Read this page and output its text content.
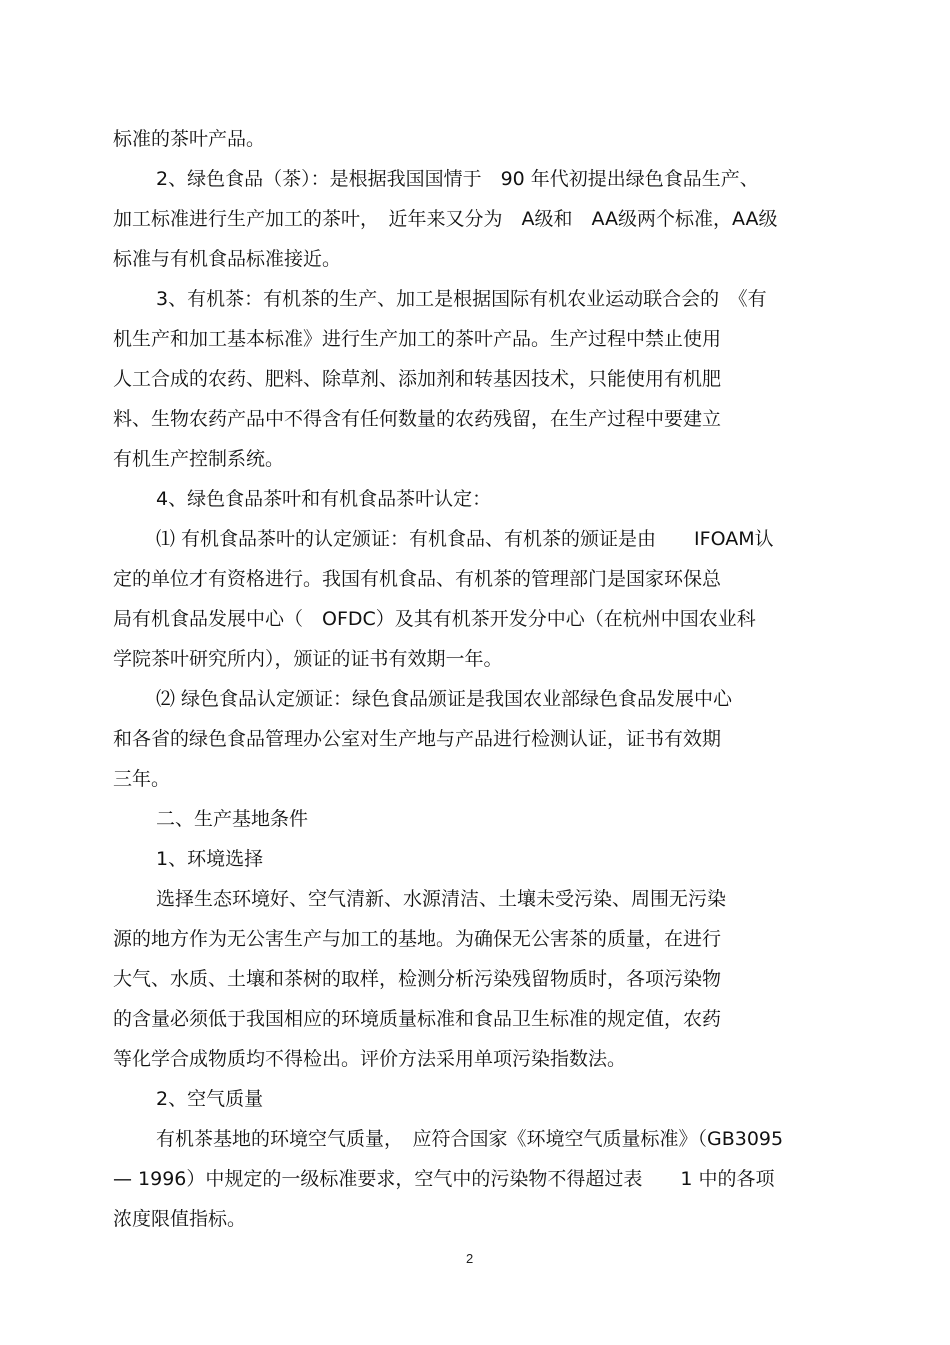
标准的茶叶产品。
2、绿色食品（茶）：是根据我国国情于　90 年代初提出绿色食品生产、
加工标准进行生产加工的茶叶，　近年来又分为　A级和　AA级两个标准，AA级
标准与有机食品标准接近。
3、有机茶：有机茶的生产、加工是根据国际有机农业运动联合会的　《有
机生产和加工基本标准》进行生产加工的茶叶产品。生产过程中禁止使用
人工合成的农药、肥料、除草剂、添加剂和转基因技术，只能使用有机肥
料、生物农药产品中不得含有任何数量的农药残留，在生产过程中要建立
有机生产控制系统。
4、绿色食品茶叶和有机食品茶叶认定：
⑴ 有机食品茶叶的认定颁证：有机食品、有机茶的颁证是由　　IFOAM认
定的单位才有资格进行。我国有机食品、有机茶的管理部门是国家环保总
局有机食品发展中心（　OFDC）及其有机茶开发分中心（在杭州中国农业科
学院茶叶研究所内），颁证的证书有效期一年。
⑵ 绿色食品认定颁证：绿色食品颁证是我国农业部绿色食品发展中心
和各省的绿色食品管理办公室对生产地与产品进行检测认证，证书有效期
三年。
二、生产基地条件
1、环境选择
选择生态环境好、空气清新、水源清洁、土壤未受污染、周围无污染
源的地方作为无公害生产与加工的基地。为确保无公害茶的质量，在进行
大气、水质、土壤和茶树的取样，检测分析污染残留物质时，各项污染物
的含量必须低于我国相应的环境质量标准和食品卫生标准的规定值，农药
等化学合成物质均不得检出。评价方法采用单项污染指数法。
2、空气质量
有机茶基地的环境空气质量，　应符合国家《环境空气质量标准》（GB3095
— 1996）中规定的一级标准要求，空气中的污染物不得超过表　　1 中的各项
浓度限值指标。
2
